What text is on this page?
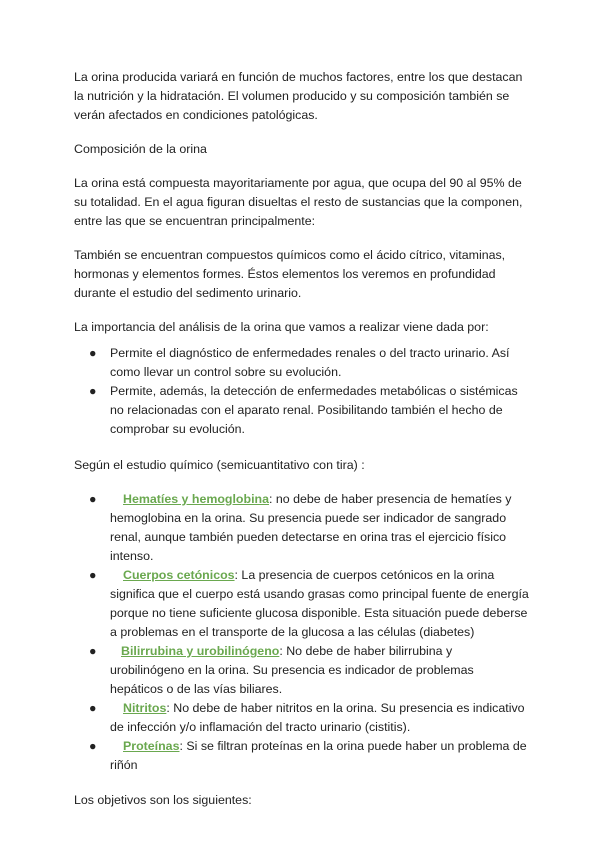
La orina producida variará en función de muchos factores, entre los que destacan la nutrición y la hidratación. El volumen producido y su composición también se verán afectados en condiciones patológicas.

Composición de la orina

La orina está compuesta mayoritariamente por agua, que ocupa del 90 al 95% de su totalidad. En el agua figuran disueltas el resto de sustancias que la componen, entre las que se encuentran principalmente:

También se encuentran compuestos químicos como el ácido cítrico, vitaminas, hormonas y elementos formes. Éstos elementos los veremos en profundidad durante el estudio del sedimento urinario.

La importancia del análisis de la orina que vamos a realizar viene dada por:

● Permite el diagnóstico de enfermedades renales o del tracto urinario. Así como llevar un control sobre su evolución.
● Permite, además, la detección de enfermedades metabólicas o sistémicas no relacionadas con el aparato renal. Posibilitando también el hecho de comprobar su evolución.

Según el estudio químico (semicuantitativo con tira) :

● Hematíes y hemoglobina: no debe de haber presencia de hematíes y hemoglobina en la orina. Su presencia puede ser indicador de sangrado renal, aunque también pueden detectarse en orina tras el ejercicio físico intenso.
● Cuerpos cetónicos: La presencia de cuerpos cetónicos en la orina significa que el cuerpo está usando grasas como principal fuente de energía porque no tiene suficiente glucosa disponible. Esta situación puede deberse a problemas en el transporte de la glucosa a las células (diabetes)
● Bilirrubina y urobilinógeno: No debe de haber bilirrubina y urobilinógeno en la orina. Su presencia es indicador de problemas hepáticos o de las vías biliares.
● Nitritos: No debe de haber nitritos en la orina. Su presencia es indicativo de infección y/o inflamación del tracto urinario (cistitis).
● Proteínas: Si se filtran proteínas en la orina puede haber un problema de riñón

Los objetivos son los siguientes:
